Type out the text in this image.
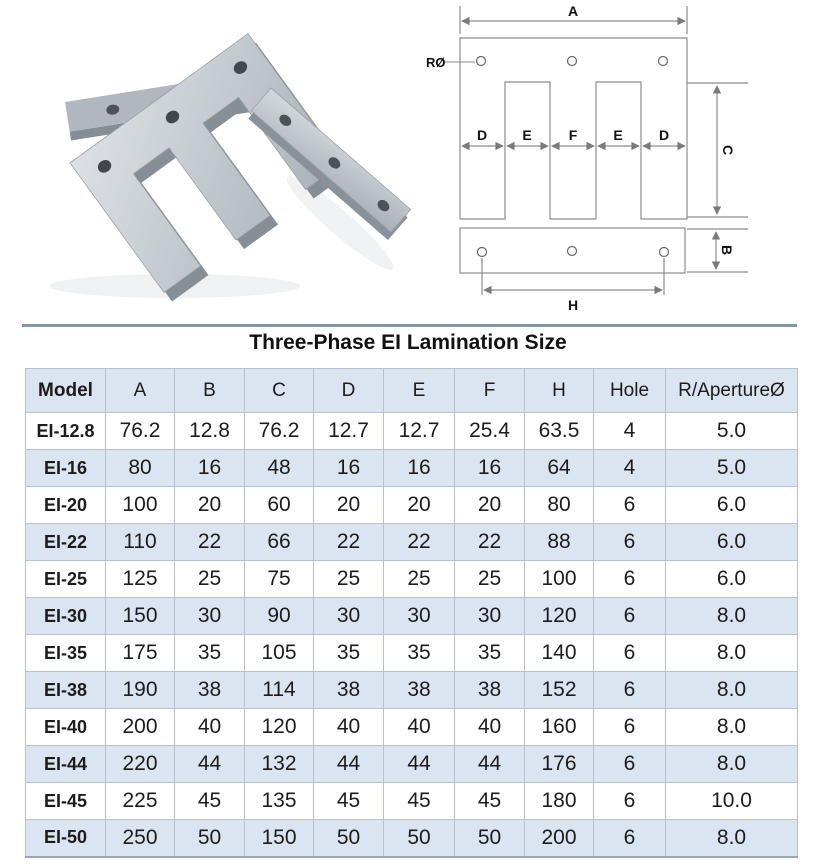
A
RØ
D	E	F	E	D
C
B
H
Three-Phase EI Lamination Size
Model	A	B	C	D	E	F	H	Hole	R/ApertureØ
EI-12.8	76.2	12.8	76.2	12.7	12.7	25.4	63.5	4	5.0
EI-16	80	16	48	16	16	16	64	4	5.0
EI-20	100	20	60	20	20	20	80	6	6.0
EI-22	110	22	66	22	22	22	88	6	6.0
EI-25	125	25	75	25	25	25	100	6	6.0
EI-30	150	30	90	30	30	30	120	6	8.0
EI-35	175	35	105	35	35	35	140	6	8.0
EI-38	190	38	114	38	38	38	152	6	8.0
EI-40	200	40	120	40	40	40	160	6	8.0
EI-44	220	44	132	44	44	44	176	6	8.0
EI-45	225	45	135	45	45	45	180	6	10.0
EI-50	250	50	150	50	50	50	200	6	8.0
